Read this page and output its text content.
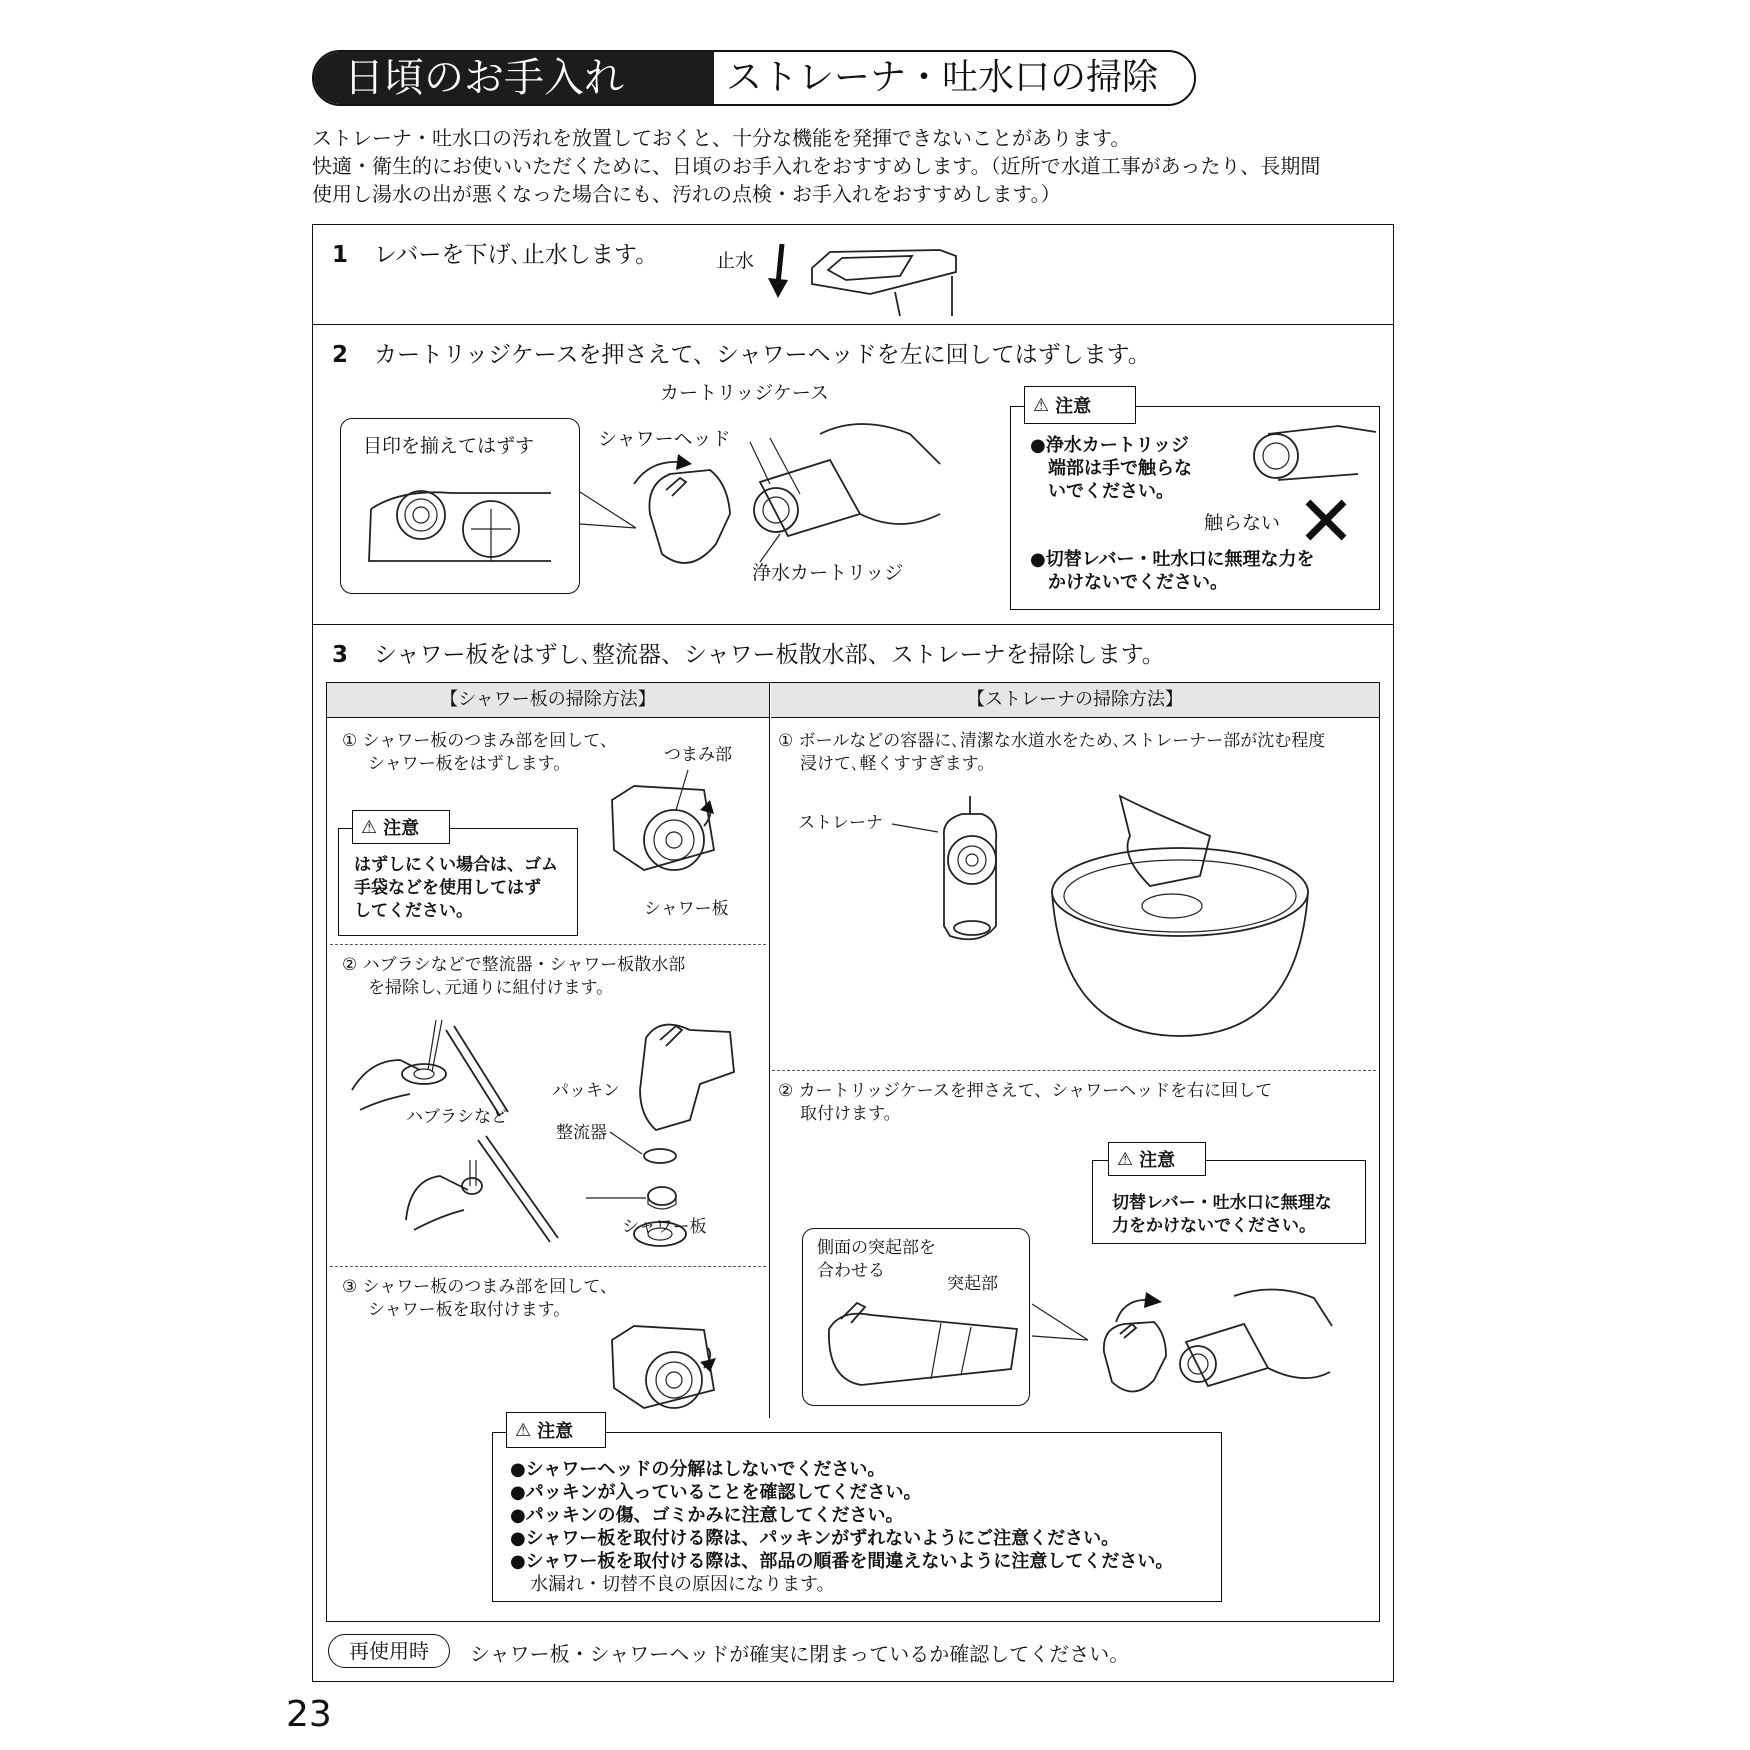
日頃のお手入れ	ストレーナ・吐水口の掃除
ストレーナ・吐水口の汚れを放置しておくと、十分な機能を発揮できないことがあります。
快適・衛生的にお使いいただくために、日頃のお手入れをおすすめします。（近所で水道工事があったり、長期間
使用し湯水の出が悪くなった場合にも、汚れの点検・お手入れをおすすめします。）
1 レバーを下げ､止水します。	止水
2 カートリッジケースを押さえて、シャワーヘッドを左に回してはずします。
目印を揃えてはずす
カートリッジケース
シャワーヘッド
浄水カートリッジ
⚠ 注意
●浄水カートリッジ
端部は手で触らな
いでください。
触らない
●切替レバー・吐水口に無理な力を
かけないでください。
3 シャワー板をはずし､整流器、シャワー板散水部、ストレーナを掃除します。
【シャワー板の掃除方法】	【ストレーナの掃除方法】
① シャワー板のつまみ部を回して、
シャワー板をはずします。	つまみ部
シャワー板
⚠ 注意
はずしにくい場合は、ゴム
手袋などを使用してはず
してください。
② ハブラシなどで整流器・シャワー板散水部
を掃除し､元通りに組付けます。
ハブラシなど
パッキン
整流器
シャワー板
③ シャワー板のつまみ部を回して、
シャワー板を取付けます。
① ボールなどの容器に､清潔な水道水をため､ストレーナー部が沈む程度
浸けて､軽くすすぎます。
ストレーナ
② カートリッジケースを押さえて、シャワーヘッドを右に回して
取付けます。
⚠ 注意
切替レバー・吐水口に無理な
力をかけないでください。
側面の突起部を
合わせる
突起部
⚠ 注意
●シャワーヘッドの分解はしないでください。
●パッキンが入っていることを確認してください。
●パッキンの傷、ゴミかみに注意してください。
●シャワー板を取付ける際は、パッキンがずれないようにご注意ください。
●シャワー板を取付ける際は、部品の順番を間違えないように注意してください。
水漏れ・切替不良の原因になります。
再使用時	シャワー板・シャワーヘッドが確実に閉まっているか確認してください。
23
